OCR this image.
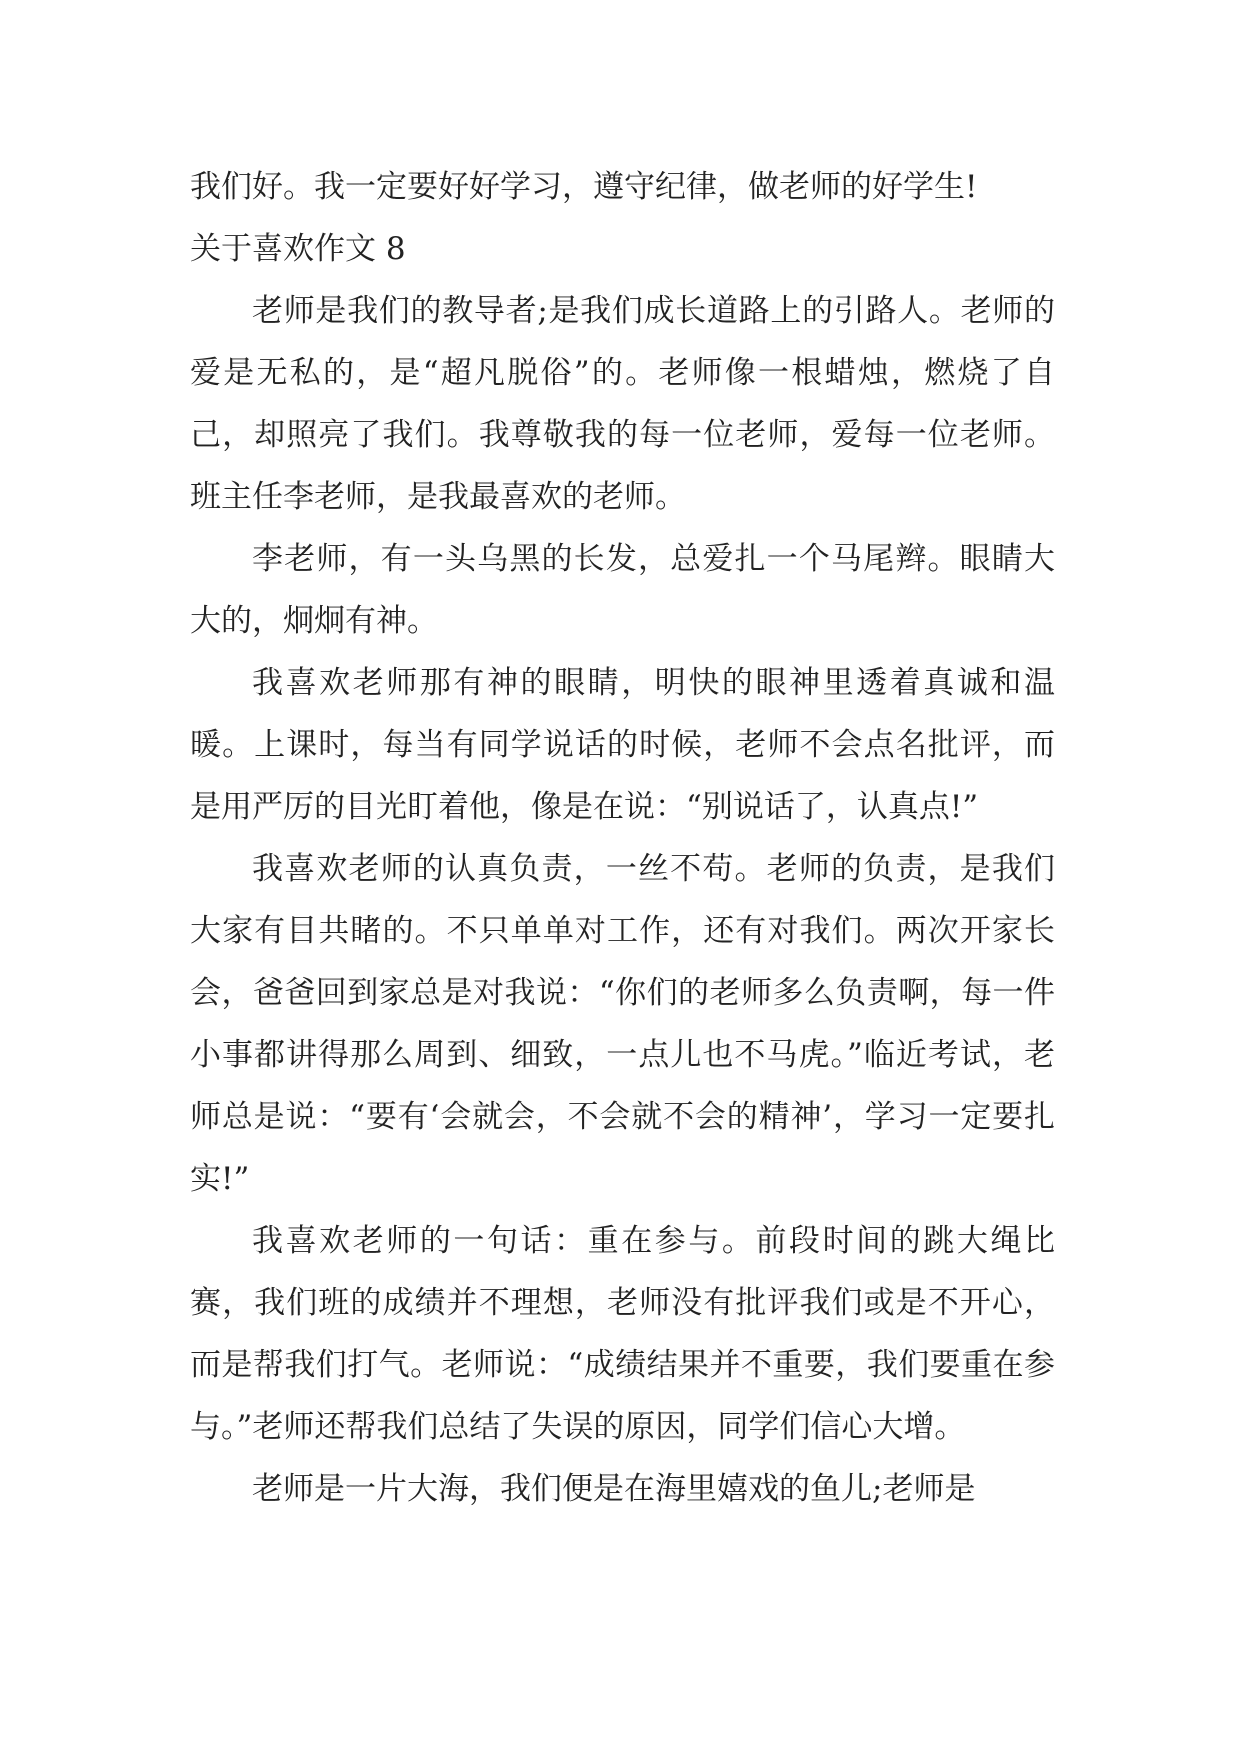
我们好。我一定要好好学习，遵守纪律，做老师的好学生!

关于喜欢作文 8

老师是我们的教导者;是我们成长道路上的引路人。老师的爱是无私的，是“超凡脱俗”的。老师像一根蜡烛，燃烧了自己，却照亮了我们。我尊敬我的每一位老师，爱每一位老师。班主任李老师，是我最喜欢的老师。

李老师，有一头乌黑的长发，总爱扎一个马尾辫。眼睛大大的，炯炯有神。

我喜欢老师那有神的眼睛，明快的眼神里透着真诚和温暖。上课时，每当有同学说话的时候，老师不会点名批评，而是用严厉的目光盯着他，像是在说：“别说话了，认真点!”

我喜欢老师的认真负责，一丝不苟。老师的负责，是我们大家有目共睹的。不只单单对工作，还有对我们。两次开家长会，爸爸回到家总是对我说：“你们的老师多么负责啊，每一件小事都讲得那么周到、细致，一点儿也不马虎。”临近考试，老师总是说：“要有‘会就会，不会就不会的精神’，学习一定要扎实!”

我喜欢老师的一句话：重在参与。前段时间的跳大绳比赛，我们班的成绩并不理想，老师没有批评我们或是不开心，而是帮我们打气。老师说：“成绩结果并不重要，我们要重在参与。”老师还帮我们总结了失误的原因，同学们信心大增。

老师是一片大海，我们便是在海里嬉戏的鱼儿;老师是
